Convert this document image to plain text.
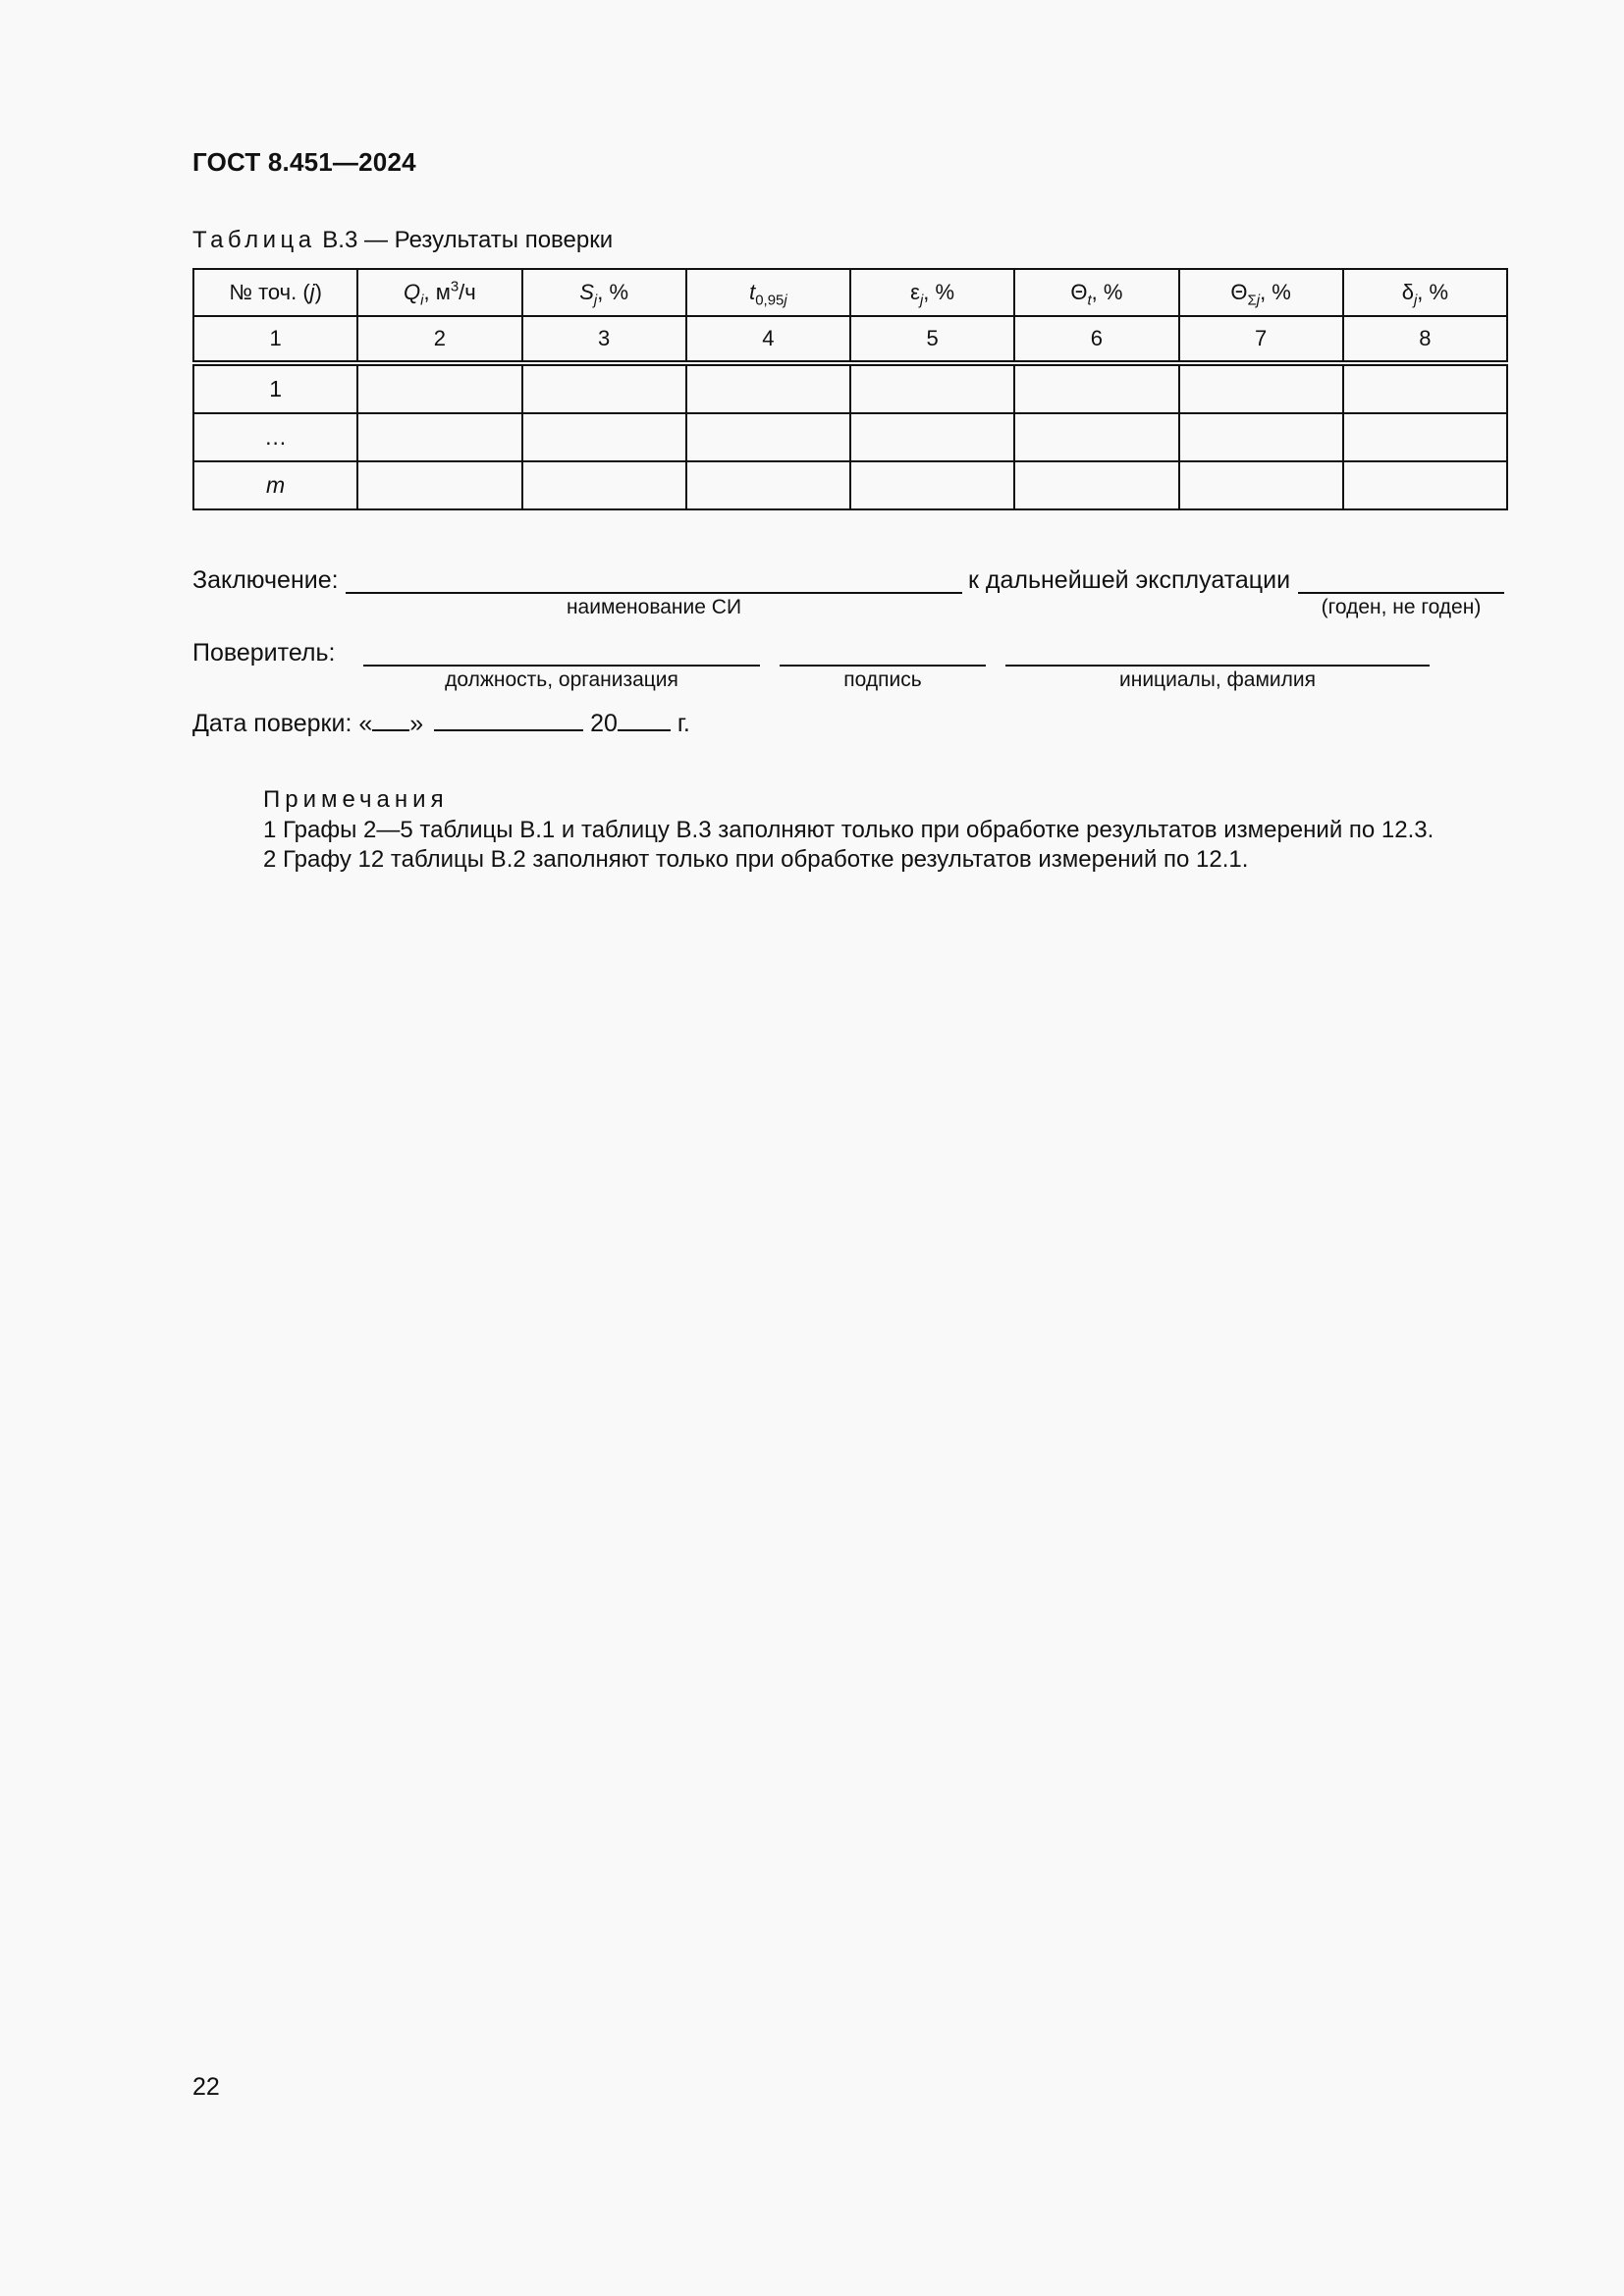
ГОСТ 8.451—2024
Таблица В.3 — Результаты поверки
№ точ. (j)	$Q_i$, $м^3/ч$	$S_j$, %	$t_{0,95j}$	$\varepsilon_j$, %	$\Theta_t$, %	$\Theta_{\Sigma j}$, %	$\delta_j$, %
1	2	3	4	5	6	7	8
1							
…							
m							
Заключение:
наименование СИ
к дальнейшей эксплуатации
(годен, не годен)
Поверитель:
должность, организация	подпись	инициалы, фамилия
Дата поверки: « »	20 г.
Примечания
1 Графы 2—5 таблицы В.1 и таблицу В.3 заполняют только при обработке результатов измерений по 12.3.
2 Графу 12 таблицы В.2 заполняют только при обработке результатов измерений по 12.1.
22
